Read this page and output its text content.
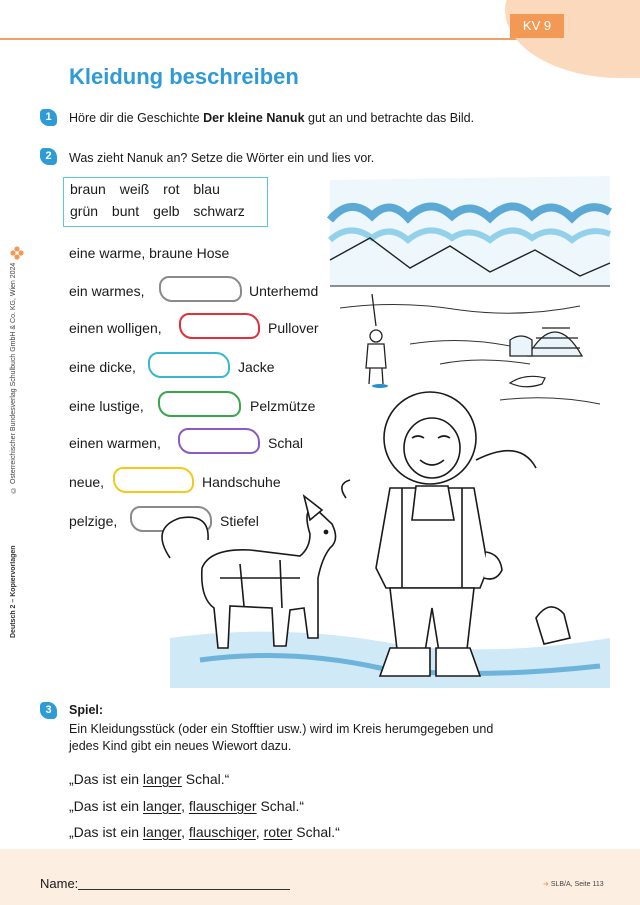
KV 9
Kleidung beschreiben
1	Höre dir die Geschichte Der kleine Nanuk gut an und betrachte das Bild.
2	Was zieht Nanuk an? Setze die Wörter ein und lies vor.
braun weiß rot blau
grün bunt gelb schwarz
eine warme, braune Hose
ein warmes,	Unterhemd
einen wolligen,	Pullover
eine dicke,	Jacke
eine lustige,	Pelzmütze
einen warmen,	Schal
neue,	Handschuhe
pelzige,	Stiefel
© Österreichischer Bundesverlag Schulbuch GmbH & Co. KG, Wien 2024
Deutsch 2 – Kopiervorlagen
3	Spiel:
Ein Kleidungsstück (oder ein Stofftier usw.) wird im Kreis herumgegeben und
jedes Kind gibt ein neues Wiewort dazu.
„Das ist ein langer Schal.“
„Das ist ein langer, flauschiger Schal.“
„Das ist ein langer, flauschiger, roter Schal.“
Name:	➜ SLB/A, Seite 113
